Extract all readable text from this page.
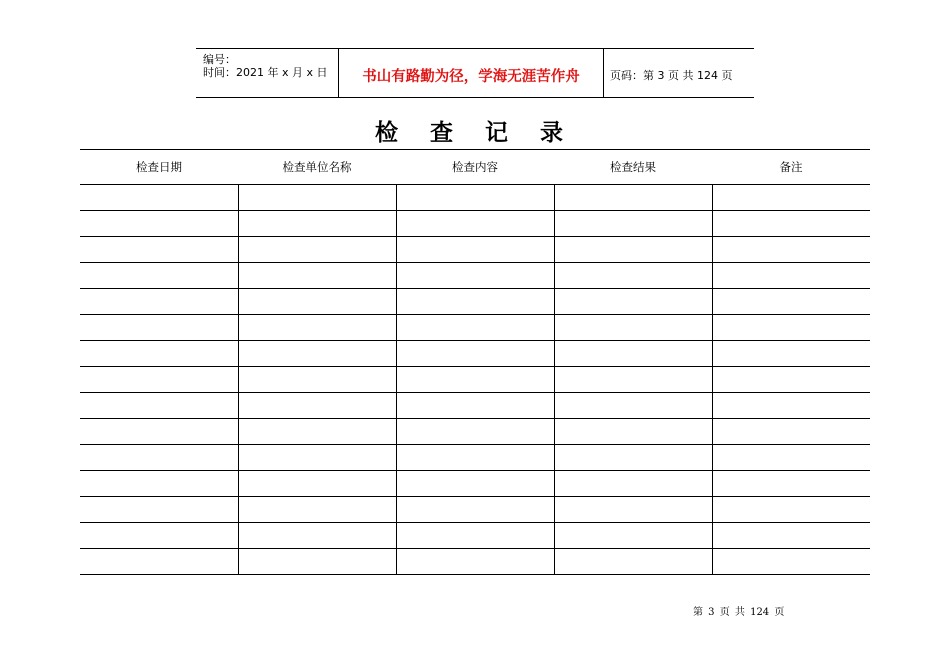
编号：
时间：2021 年 x 月 x 日	书山有路勤为径，学海无涯苦作舟	页码：第 3 页 共 124 页
检 查 记 录
检查日期	检查单位名称	检查内容	检查结果	备注

第 3 页 共 124 页
